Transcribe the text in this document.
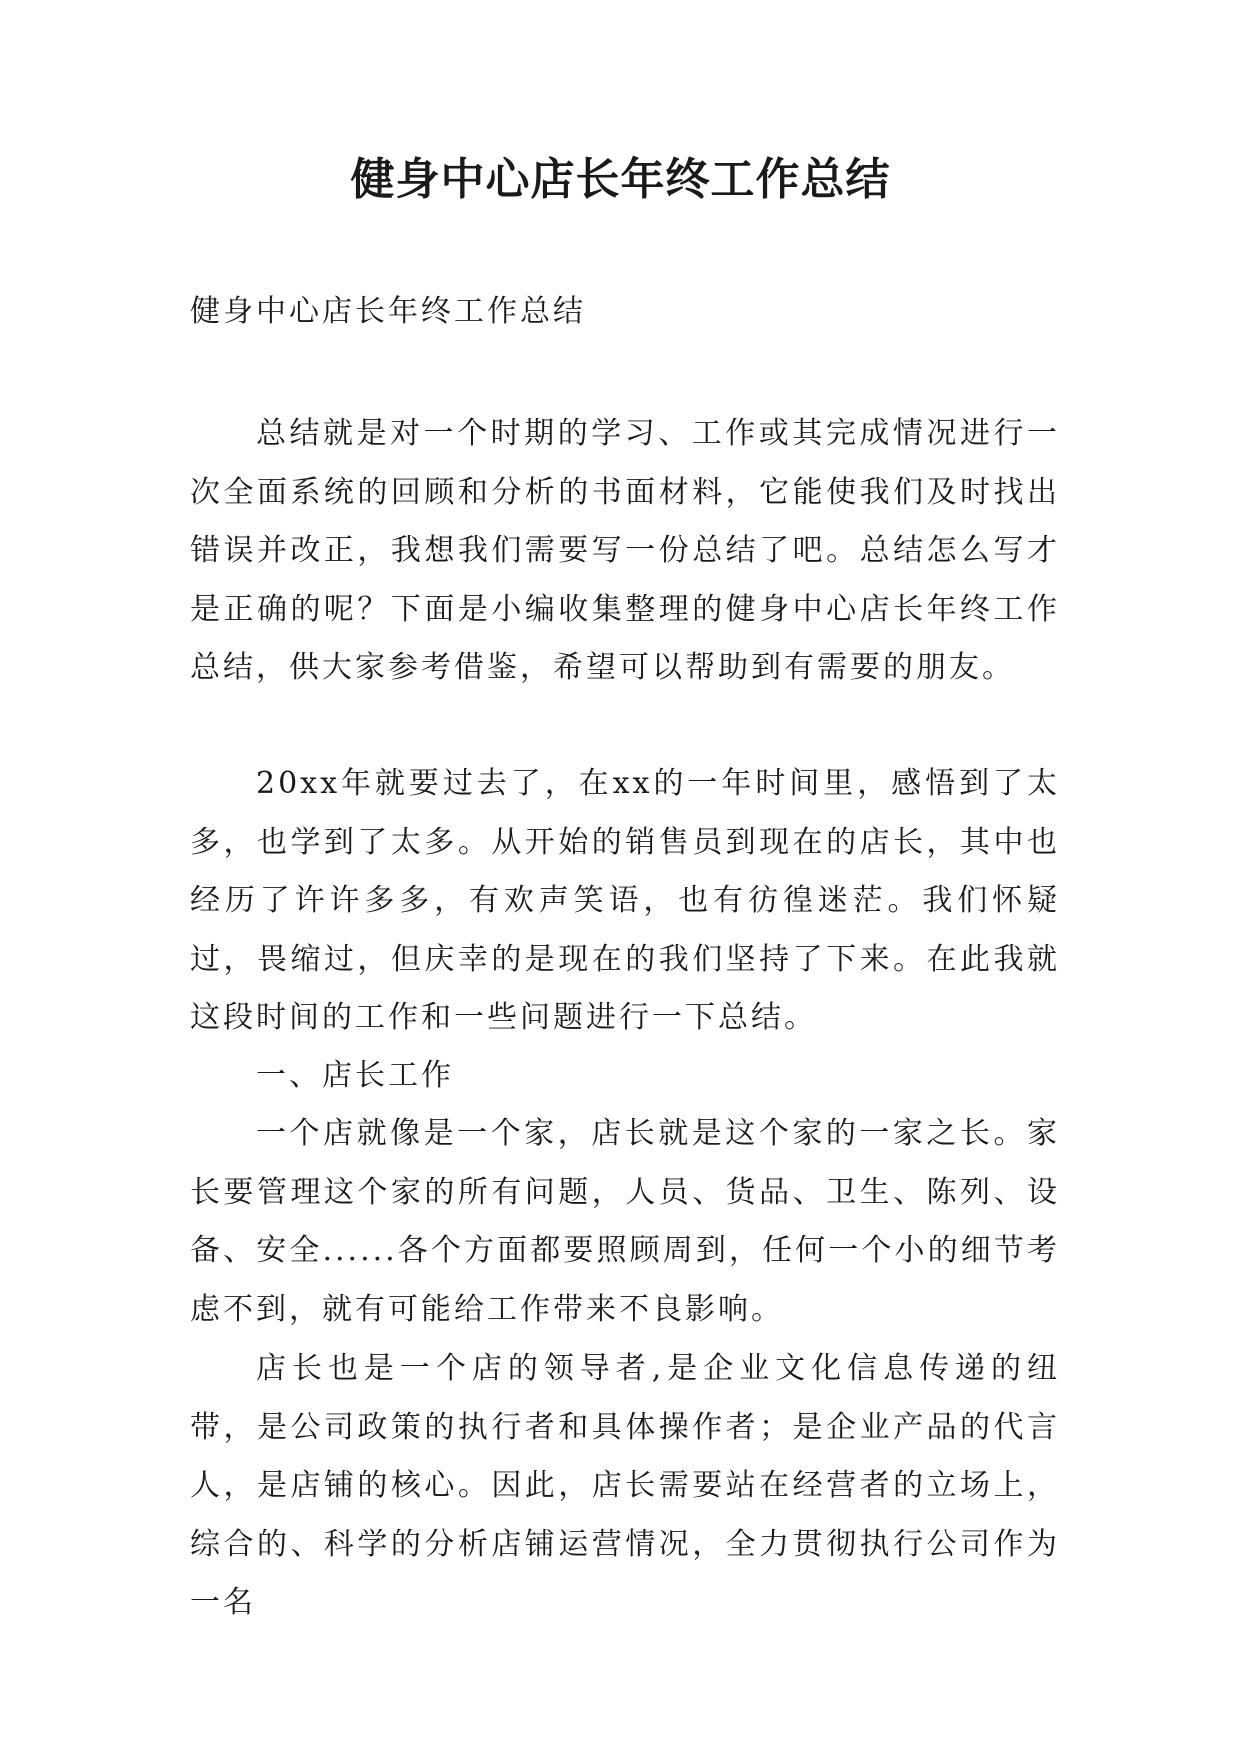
健身中心店长年终工作总结

健身中心店长年终工作总结

总结就是对一个时期的学习、工作或其完成情况进行一次全面系统的回顾和分析的书面材料，它能使我们及时找出错误并改正，我想我们需要写一份总结了吧。总结怎么写才是正确的呢？下面是小编收集整理的健身中心店长年终工作总结，供大家参考借鉴，希望可以帮助到有需要的朋友。

20xx年就要过去了，在xx的一年时间里，感悟到了太多，也学到了太多。从开始的销售员到现在的店长，其中也经历了许许多多，有欢声笑语，也有彷徨迷茫。我们怀疑过，畏缩过，但庆幸的是现在的我们坚持了下来。在此我就这段时间的工作和一些问题进行一下总结。

一、店长工作

一个店就像是一个家，店长就是这个家的一家之长。家长要管理这个家的所有问题，人员、货品、卫生、陈列、设备、安全......各个方面都要照顾周到，任何一个小的细节考虑不到，就有可能给工作带来不良影响。

店长也是一个店的领导者,是企业文化信息传递的纽带，是公司政策的执行者和具体操作者；是企业产品的代言人，是店铺的核心。因此，店长需要站在经营者的立场上，综合的、科学的分析店铺运营情况，全力贯彻执行公司作为一名
